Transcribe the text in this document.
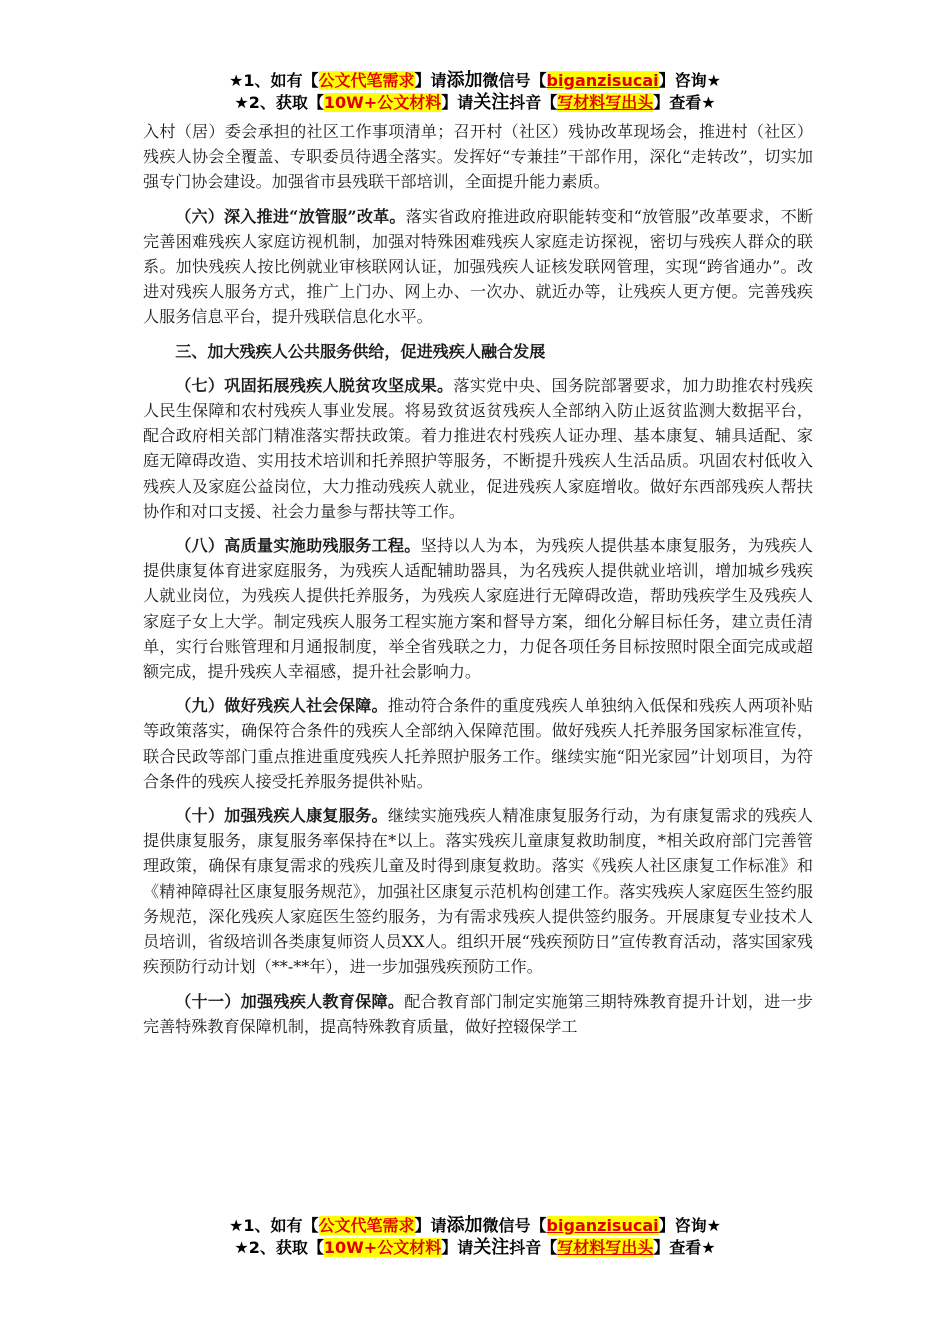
★1、如有【公文代笔需求】请添加微信号【biganzisucai】咨询★
★2、获取【10W+公文材料】请关注抖音【写材料写出头】查看★

入村（居）委会承担的社区工作事项清单；召开村（社区）残协改革现场会，推进村（社区）残疾人协会全覆盖、专职委员待遇全落实。发挥好“专兼挂”干部作用，深化“走转改”，切实加强专门协会建设。加强省市县残联干部培训，全面提升能力素质。

（六）深入推进“放管服”改革。落实省政府推进政府职能转变和“放管服”改革要求，不断完善困难残疾人家庭访视机制，加强对特殊困难残疾人家庭走访探视，密切与残疾人群众的联系。加快残疾人按比例就业审核联网认证，加强残疾人证核发联网管理，实现“跨省通办”。改进对残疾人服务方式，推广上门办、网上办、一次办、就近办等，让残疾人更方便。完善残疾人服务信息平台，提升残联信息化水平。

三、加大残疾人公共服务供给，促进残疾人融合发展

（七）巩固拓展残疾人脱贫攻坚成果。落实党中央、国务院部署要求，加力助推农村残疾人民生保障和农村残疾人事业发展。将易致贫返贫残疾人全部纳入防止返贫监测大数据平台，配合政府相关部门精准落实帮扶政策。着力推进农村残疾人证办理、基本康复、辅具适配、家庭无障碍改造、实用技术培训和托养照护等服务，不断提升残疾人生活品质。巩固农村低收入残疾人及家庭公益岗位，大力推动残疾人就业，促进残疾人家庭增收。做好东西部残疾人帮扶协作和对口支援、社会力量参与帮扶等工作。

（八）高质量实施助残服务工程。坚持以人为本，为残疾人提供基本康复服务，为残疾人提供康复体育进家庭服务，为残疾人适配辅助器具，为名残疾人提供就业培训，增加城乡残疾人就业岗位，为残疾人提供托养服务，为残疾人家庭进行无障碍改造，帮助残疾学生及残疾人家庭子女上大学。制定残疾人服务工程实施方案和督导方案，细化分解目标任务，建立责任清单，实行台账管理和月通报制度，举全省残联之力，力促各项任务目标按照时限全面完成或超额完成，提升残疾人幸福感，提升社会影响力。

（九）做好残疾人社会保障。推动符合条件的重度残疾人单独纳入低保和残疾人两项补贴等政策落实，确保符合条件的残疾人全部纳入保障范围。做好残疾人托养服务国家标准宣传，联合民政等部门重点推进重度残疾人托养照护服务工作。继续实施“阳光家园”计划项目，为符合条件的残疾人接受托养服务提供补贴。

（十）加强残疾人康复服务。继续实施残疾人精准康复服务行动，为有康复需求的残疾人提供康复服务，康复服务率保持在*以上。落实残疾儿童康复救助制度，*相关政府部门完善管理政策，确保有康复需求的残疾儿童及时得到康复救助。落实《残疾人社区康复工作标准》和《精神障碍社区康复服务规范》，加强社区康复示范机构创建工作。落实残疾人家庭医生签约服务规范，深化残疾人家庭医生签约服务，为有需求残疾人提供签约服务。开展康复专业技术人员培训，省级培训各类康复师资人员XX人。组织开展“残疾预防日”宣传教育活动，落实国家残疾预防行动计划（**-**年），进一步加强残疾预防工作。

（十一）加强残疾人教育保障。配合教育部门制定实施第三期特殊教育提升计划，进一步完善特殊教育保障机制，提高特殊教育质量，做好控辍保学工

★1、如有【公文代笔需求】请添加微信号【biganzisucai】咨询★
★2、获取【10W+公文材料】请关注抖音【写材料写出头】查看★
